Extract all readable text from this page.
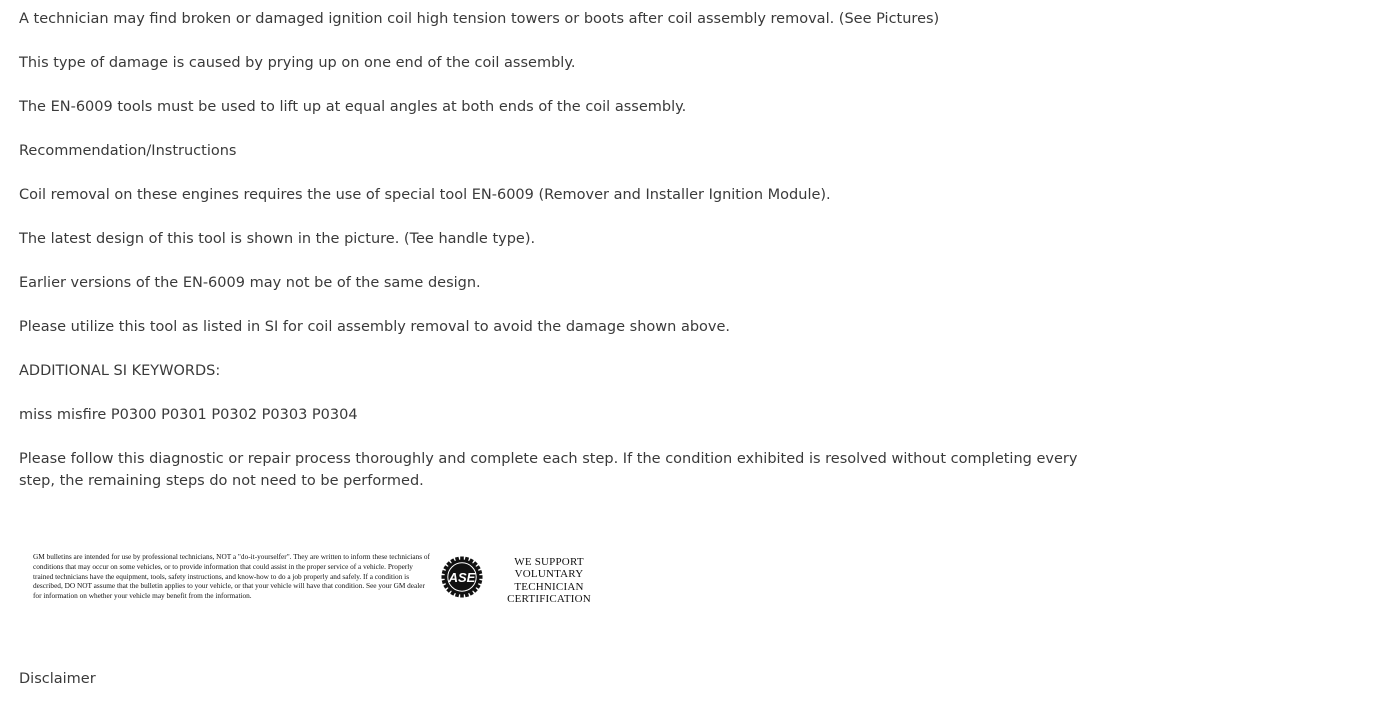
A technician may find broken or damaged ignition coil high tension towers or boots after coil assembly removal. (See Pictures)

This type of damage is caused by prying up on one end of the coil assembly.

The EN-6009 tools must be used to lift up at equal angles at both ends of the coil assembly.

Recommendation/Instructions

Coil removal on these engines requires the use of special tool EN-6009 (Remover and Installer Ignition Module).

The latest design of this tool is shown in the picture. (Tee handle type).

Earlier versions of the EN-6009 may not be of the same design.

Please utilize this tool as listed in SI for coil assembly removal to avoid the damage shown above.

ADDITIONAL SI KEYWORDS:

miss misfire P0300 P0301 P0302 P0303 P0304

Please follow this diagnostic or repair process thoroughly and complete each step. If the condition exhibited is resolved without completing every step, the remaining steps do not need to be performed.

GM bulletins are intended for use by professional technicians, NOT a "do-it-yourselfer". They are written to inform these technicians of conditions that may occur on some vehicles, or to provide information that could assist in the proper service of a vehicle. Properly trained technicians have the equipment, tools, safety instructions, and know-how to do a job properly and safely. If a condition is described, DO NOT assume that the bulletin applies to your vehicle, or that your vehicle will have that condition. See your GM dealer for information on whether your vehicle may benefit from the information.
ASE
WE SUPPORT
VOLUNTARY
TECHNICIAN
CERTIFICATION

Disclaimer
